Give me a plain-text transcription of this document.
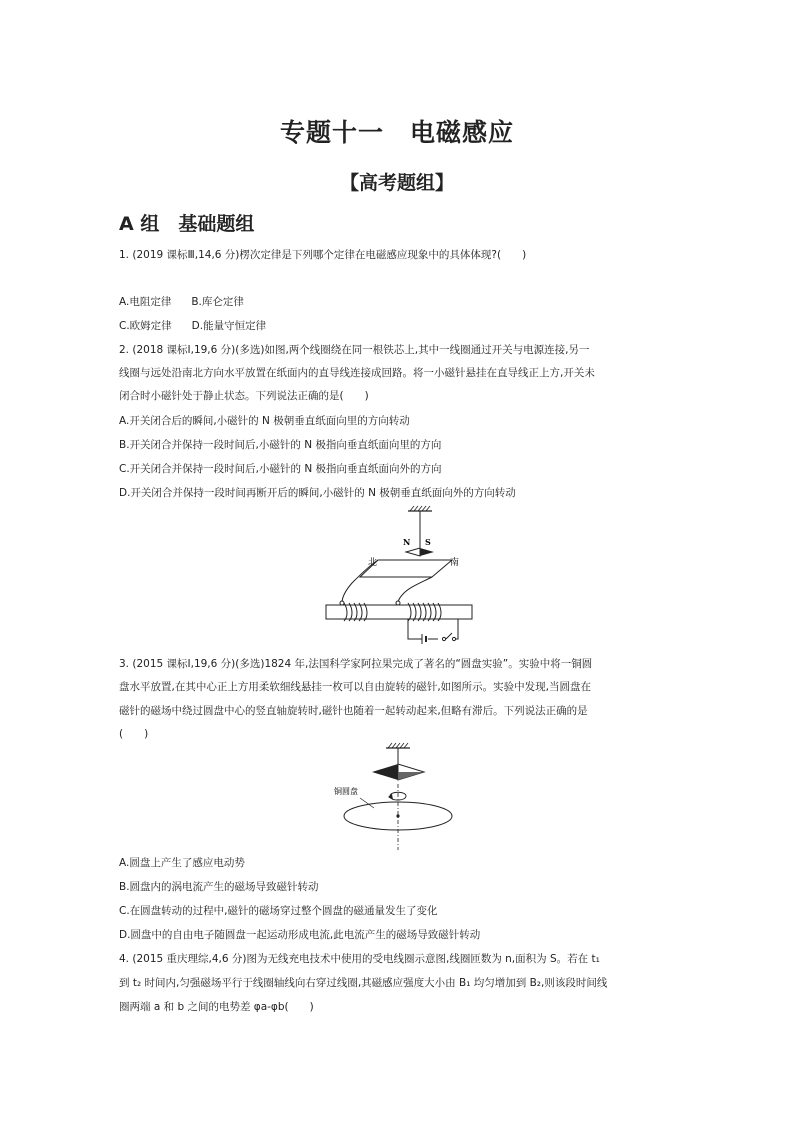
专题十一　电磁感应
【高考题组】
A 组　基础题组
1. (2019 课标Ⅲ,14,6 分)楞次定律是下列哪个定律在电磁感应现象中的具体体现?(　　)
A.电阻定律 B.库仑定律
C.欧姆定律 D.能量守恒定律
2. (2018 课标Ⅰ,19,6 分)(多选)如图,两个线圈绕在同一根铁芯上,其中一线圈通过开关与电源连接,另一
线圈与远处沿南北方向水平放置在纸面内的直导线连接成回路。将一小磁针悬挂在直导线正上方,开关未
闭合时小磁针处于静止状态。下列说法正确的是(　　)
A.开关闭合后的瞬间,小磁针的 N 极朝垂直纸面向里的方向转动
B.开关闭合并保持一段时间后,小磁针的 N 极指向垂直纸面向里的方向
C.开关闭合并保持一段时间后,小磁针的 N 极指向垂直纸面向外的方向
D.开关闭合并保持一段时间再断开后的瞬间,小磁针的 N 极朝垂直纸面向外的方向转动
N S
北	南
3. (2015 课标Ⅰ,19,6 分)(多选)1824 年,法国科学家阿拉果完成了著名的“圆盘实验”。实验中将一铜圆
盘水平放置,在其中心正上方用柔软细线悬挂一枚可以自由旋转的磁针,如图所示。实验中发现,当圆盘在
磁针的磁场中绕过圆盘中心的竖直轴旋转时,磁针也随着一起转动起来,但略有滞后。下列说法正确的是
(　　)
铜圆盘
A.圆盘上产生了感应电动势
B.圆盘内的涡电流产生的磁场导致磁针转动
C.在圆盘转动的过程中,磁针的磁场穿过整个圆盘的磁通量发生了变化
D.圆盘中的自由电子随圆盘一起运动形成电流,此电流产生的磁场导致磁针转动
4. (2015 重庆理综,4,6 分)图为无线充电技术中使用的受电线圈示意图,线圈匝数为 n,面积为 S。若在 t₁
到 t₂ 时间内,匀强磁场平行于线圈轴线向右穿过线圈,其磁感应强度大小由 B₁ 均匀增加到 B₂,则该段时间线
圈两端 a 和 b 之间的电势差 φa-φb(　　)
